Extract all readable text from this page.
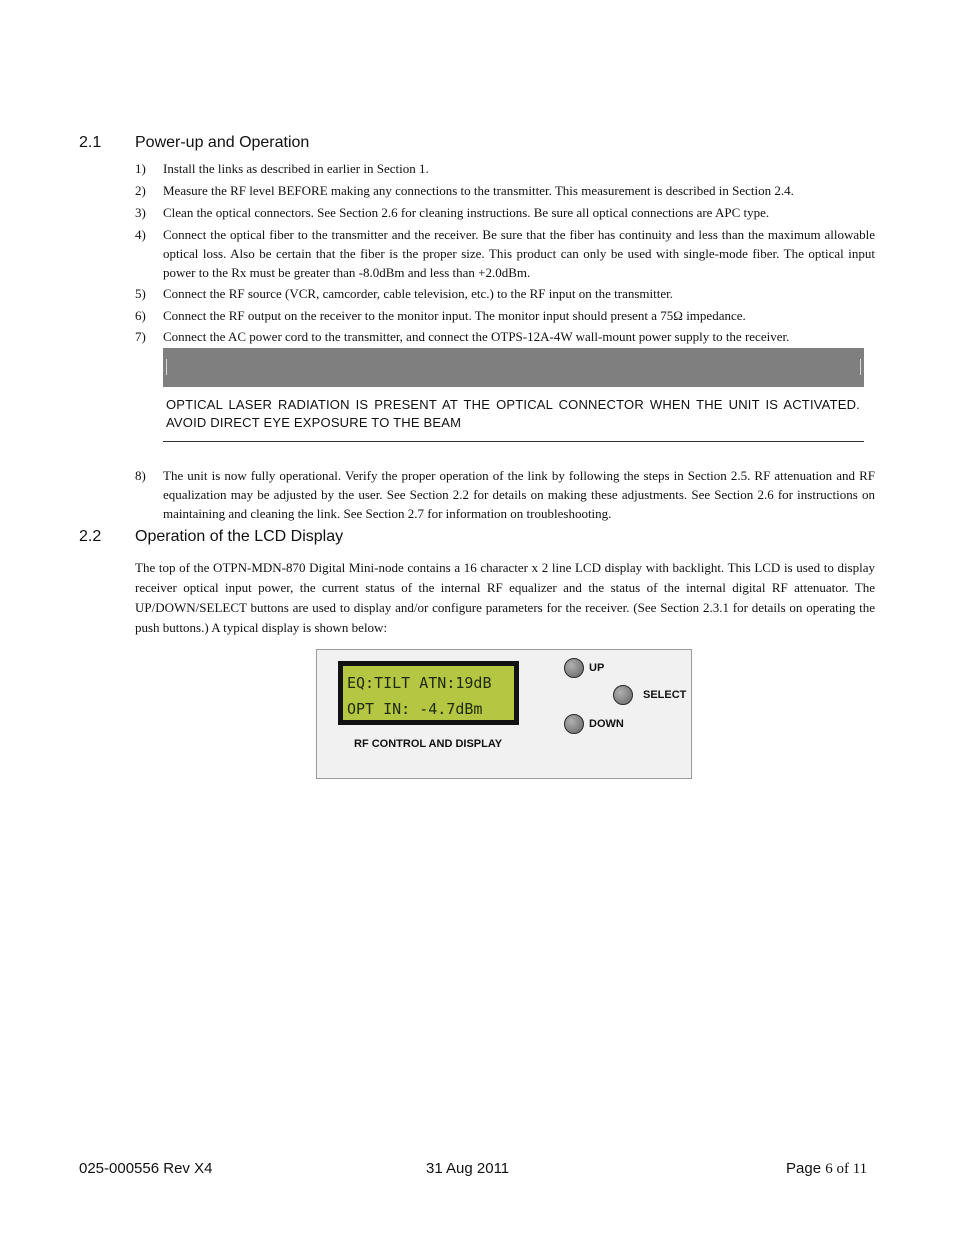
2.1 Power-up and Operation
1) Install the links as described in earlier in Section 1.
2) Measure the RF level BEFORE making any connections to the transmitter. This measurement is described in Section 2.4.
3) Clean the optical connectors. See Section 2.6 for cleaning instructions. Be sure all optical connections are APC type.
4) Connect the optical fiber to the transmitter and the receiver. Be sure that the fiber has continuity and less than the maximum allowable optical loss. Also be certain that the fiber is the proper size. This product can only be used with single-mode fiber. The optical input power to the Rx must be greater than -8.0dBm and less than +2.0dBm.
5) Connect the RF source (VCR, camcorder, cable television, etc.) to the RF input on the transmitter.
6) Connect the RF output on the receiver to the monitor input. The monitor input should present a 75Ω impedance.
7) Connect the AC power cord to the transmitter, and connect the OTPS-12A-4W wall-mount power supply to the receiver.
OPTICAL LASER RADIATION IS PRESENT AT THE OPTICAL CONNECTOR WHEN THE UNIT IS ACTIVATED. AVOID DIRECT EYE EXPOSURE TO THE BEAM
8) The unit is now fully operational. Verify the proper operation of the link by following the steps in Section 2.5. RF attenuation and RF equalization may be adjusted by the user. See Section 2.2 for details on making these adjustments. See Section 2.6 for instructions on maintaining and cleaning the link. See Section 2.7 for information on troubleshooting.
2.2 Operation of the LCD Display
The top of the OTPN-MDN-870 Digital Mini-node contains a 16 character x 2 line LCD display with backlight. This LCD is used to display receiver optical input power, the current status of the internal RF equalizer and the status of the internal digital RF attenuator. The UP/DOWN/SELECT buttons are used to display and/or configure parameters for the receiver. (See Section 2.3.1 for details on operating the push buttons.) A typical display is shown below:
EQ:TILT ATN:19dB
OPT IN: -4.7dBm
UP
SELECT
DOWN
RF CONTROL AND DISPLAY
025-000556 Rev X4	31 Aug 2011	Page 6 of 11
